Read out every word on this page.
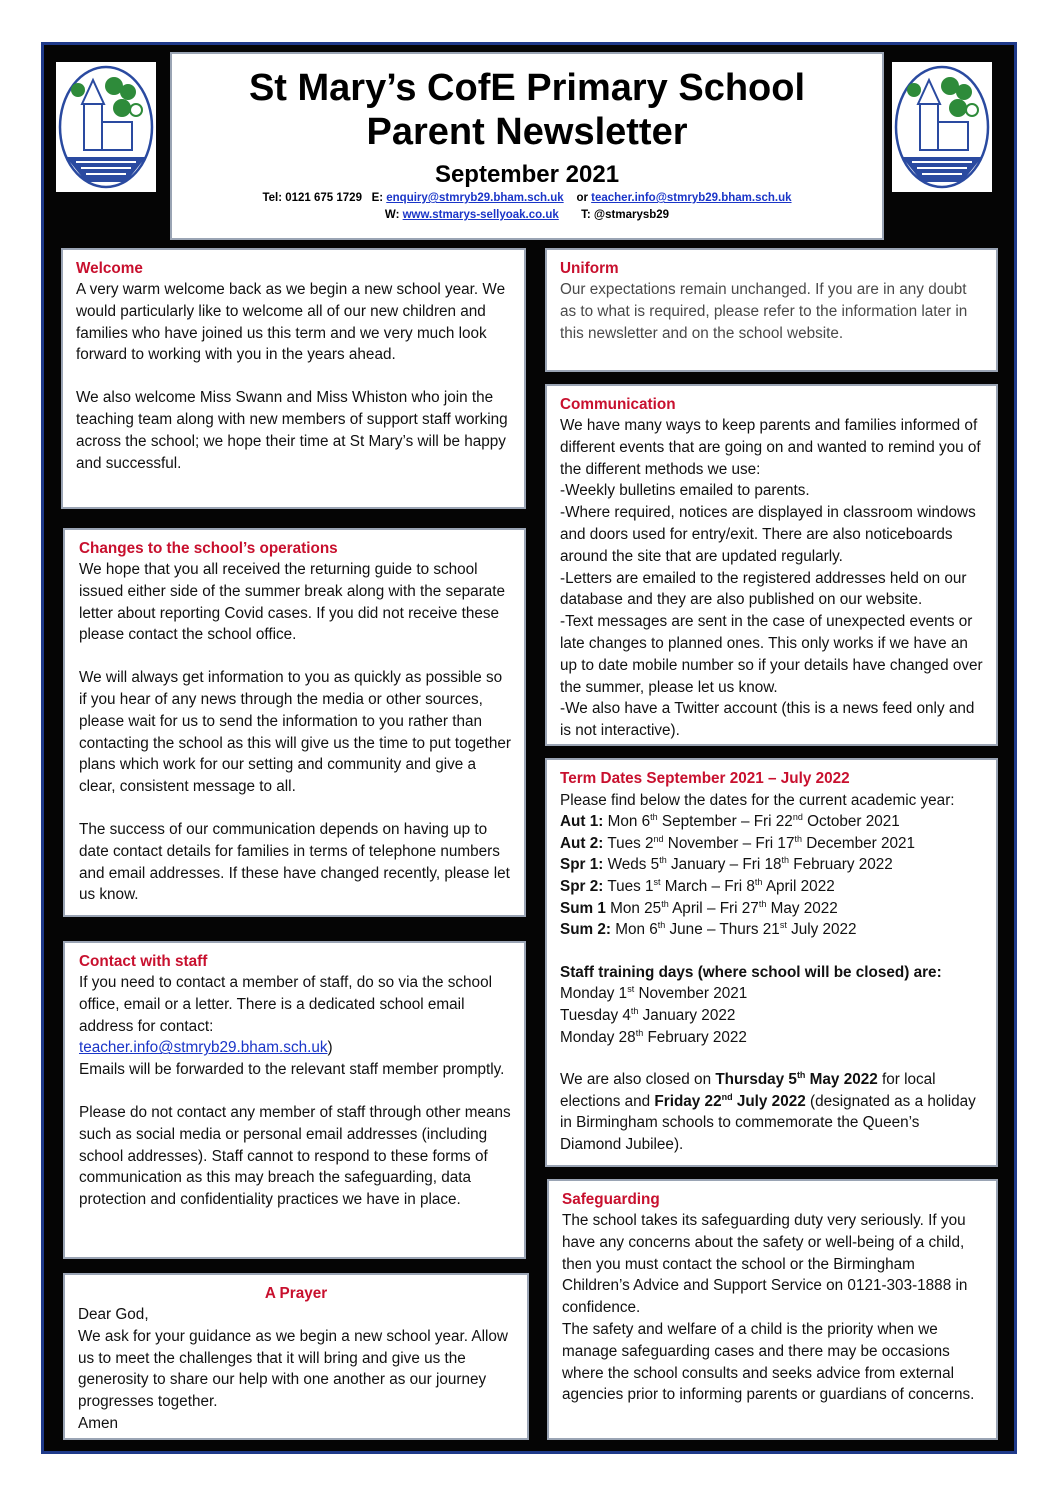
St Mary’s CofE Primary School
Parent Newsletter
September 2021
Tel: 0121 675 1729 E: enquiry@stmryb29.bham.sch.uk or teacher.info@stmryb29.bham.sch.uk
W: www.stmarys-sellyoak.co.uk T: @stmarysb29

Welcome

A very warm welcome back as we begin a new school year. We would particularly like to welcome all of our new children and families who have joined us this term and we very much look forward to working with you in the years ahead.

We also welcome Miss Swann and Miss Whiston who join the teaching team along with new members of support staff working across the school; we hope their time at St Mary’s will be happy and successful.

Changes to the school’s operations

We hope that you all received the returning guide to school issued either side of the summer break along with the separate letter about reporting Covid cases. If you did not receive these please contact the school office.

We will always get information to you as quickly as possible so if you hear of any news through the media or other sources, please wait for us to send the information to you rather than contacting the school as this will give us the time to put together plans which work for our setting and community and give a clear, consistent message to all.

The success of our communication depends on having up to date contact details for families in terms of telephone numbers and email addresses. If these have changed recently, please let us know.

Contact with staff

If you need to contact a member of staff, do so via the school office, email or a letter. There is a dedicated school email address for contact:

teacher.info@stmryb29.bham.sch.uk)

Emails will be forwarded to the relevant staff member promptly.

Please do not contact any member of staff through other means such as social media or personal email addresses (including school addresses). Staff cannot to respond to these forms of communication as this may breach the safeguarding, data protection and confidentiality practices we have in place.

A Prayer

Dear God,

We ask for your guidance as we begin a new school year. Allow us to meet the challenges that it will bring and give us the generosity to share our help with one another as our journey progresses together.

Amen

Uniform

Our expectations remain unchanged. If you are in any doubt as to what is required, please refer to the information later in this newsletter and on the school website.

Communication

We have many ways to keep parents and families informed of different events that are going on and wanted to remind you of the different methods we use:

-Weekly bulletins emailed to parents.

-Where required, notices are displayed in classroom windows and doors used for entry/exit. There are also noticeboards around the site that are updated regularly.

-Letters are emailed to the registered addresses held on our database and they are also published on our website.

-Text messages are sent in the case of unexpected events or late changes to planned ones. This only works if we have an up to date mobile number so if your details have changed over the summer, please let us know.

-We also have a Twitter account (this is a news feed only and is not interactive).

Term Dates September 2021 – July 2022

Please find below the dates for the current academic year:

Aut 1: Mon 6th September – Fri 22nd October 2021

Aut 2: Tues 2nd November – Fri 17th December 2021

Spr 1: Weds 5th January – Fri 18th February 2022

Spr 2: Tues 1st March – Fri 8th April 2022

Sum 1 Mon 25th April – Fri 27th May 2022

Sum 2: Mon 6th June – Thurs 21st July 2022

Staff training days (where school will be closed) are:

Monday 1st November 2021

Tuesday 4th January 2022

Monday 28th February 2022

We are also closed on Thursday 5th May 2022 for local elections and Friday 22nd July 2022 (designated as a holiday in Birmingham schools to commemorate the Queen’s Diamond Jubilee).

Safeguarding

The school takes its safeguarding duty very seriously. If you have any concerns about the safety or well-being of a child, then you must contact the school or the Birmingham Children’s Advice and Support Service on 0121-303-1888 in confidence.

The safety and welfare of a child is the priority when we manage safeguarding cases and there may be occasions where the school consults and seeks advice from external agencies prior to informing parents or guardians of concerns.
